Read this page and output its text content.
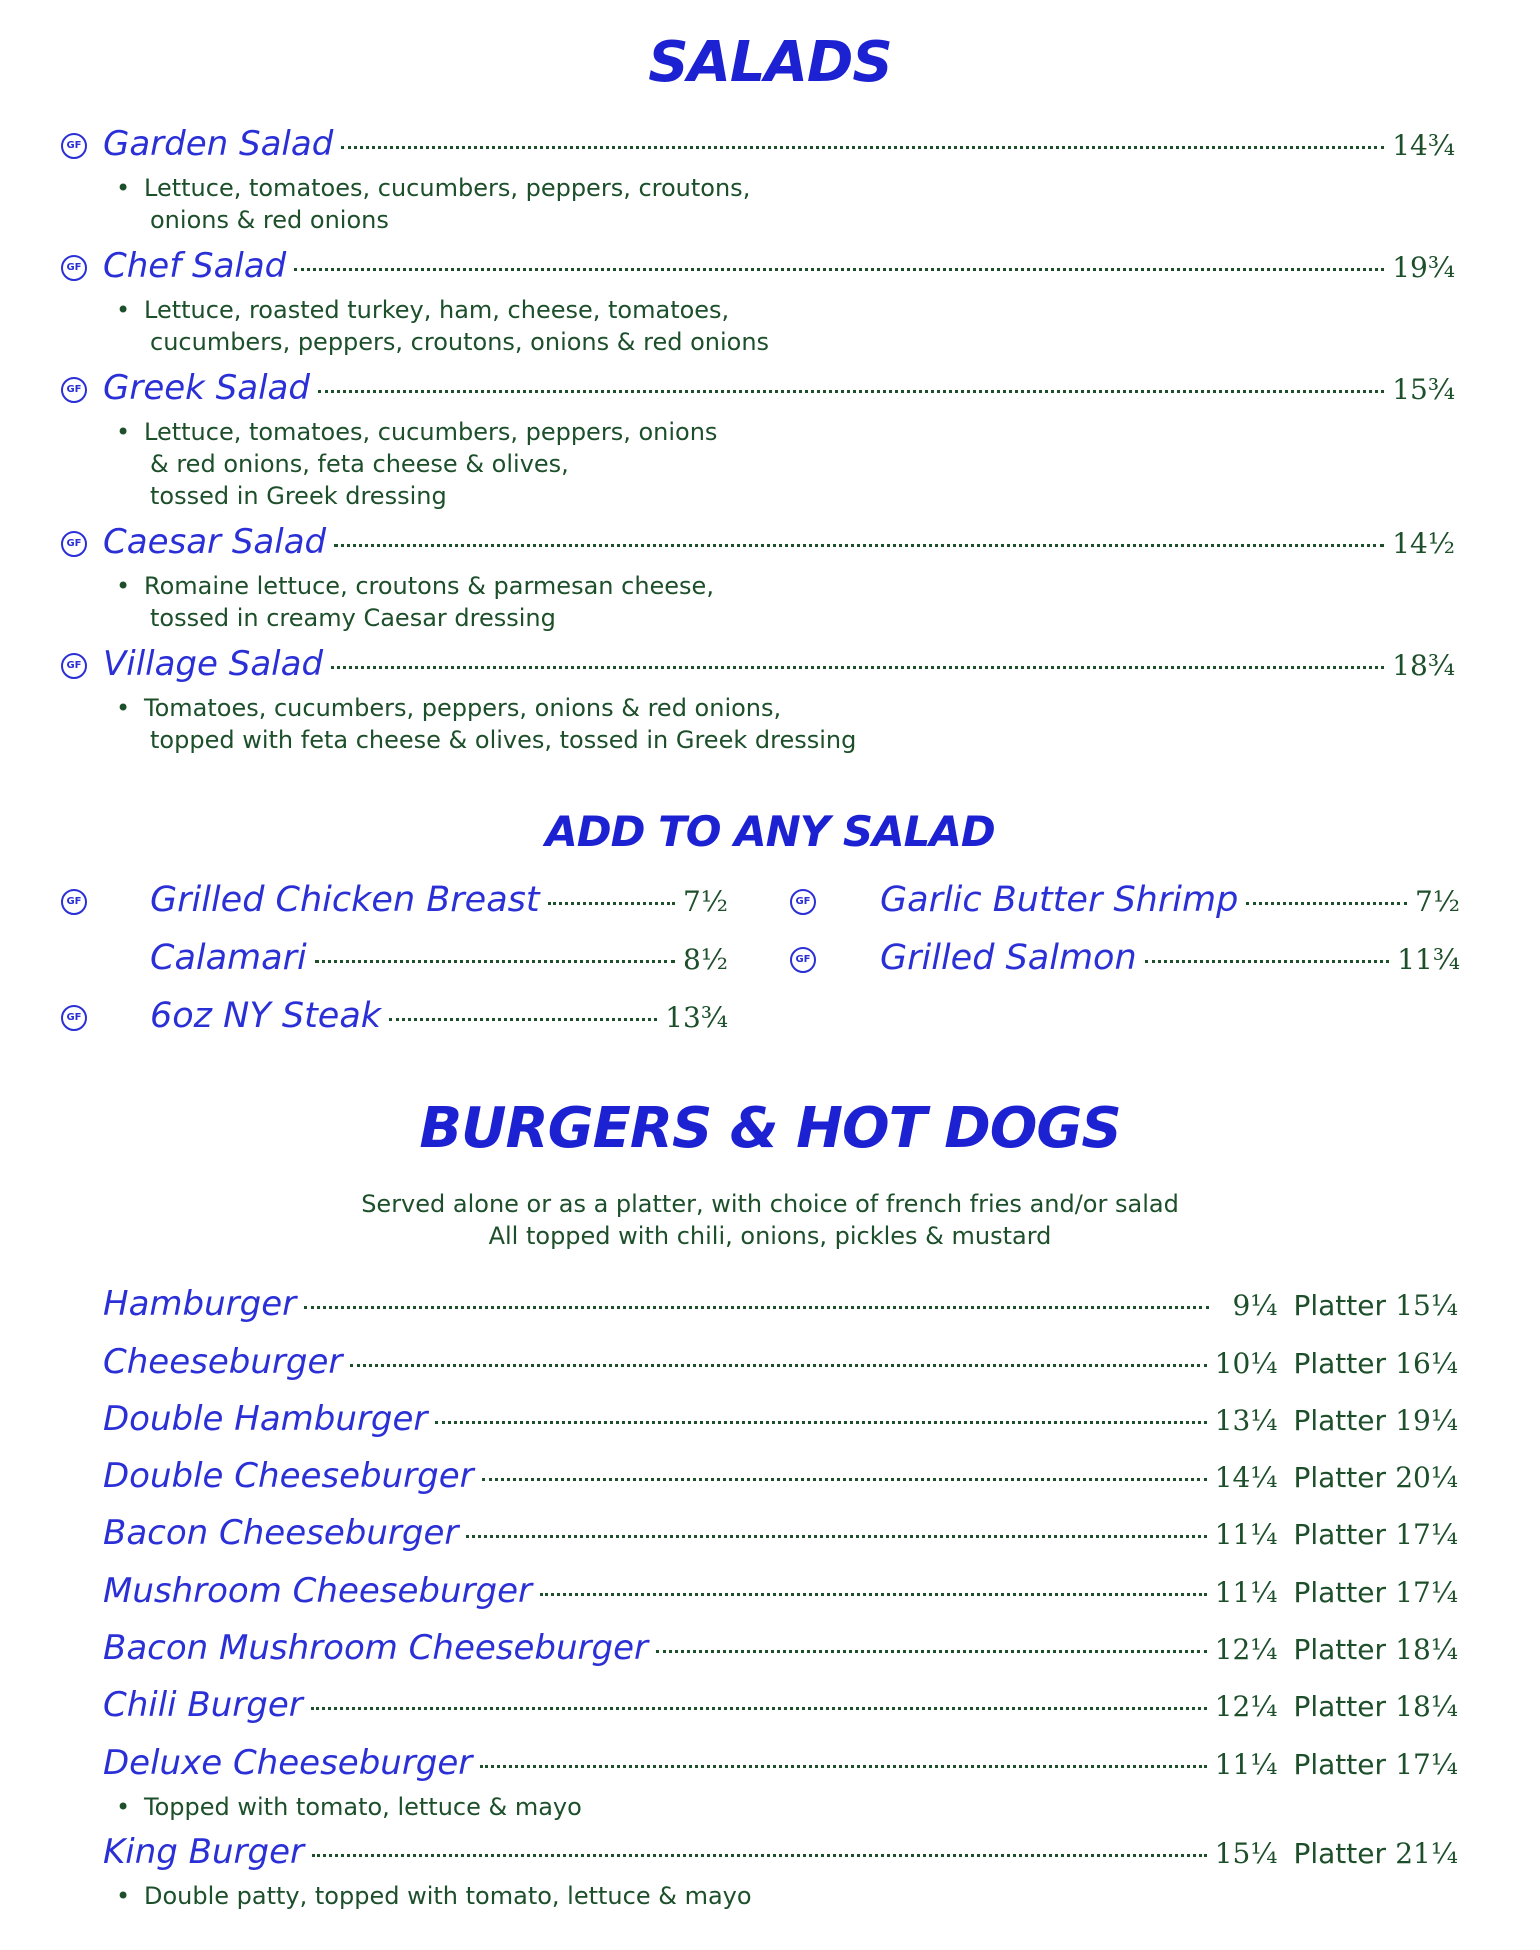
SALADS
GF Garden Salad	14¾
• Lettuce, tomatoes, cucumbers, peppers, croutons,
onions & red onions
GF Chef Salad	19¾
• Lettuce, roasted turkey, ham, cheese, tomatoes,
cucumbers, peppers, croutons, onions & red onions
GF Greek Salad	15¾
• Lettuce, tomatoes, cucumbers, peppers, onions
& red onions, feta cheese & olives,
tossed in Greek dressing
GF Caesar Salad	14½
• Romaine lettuce, croutons & parmesan cheese,
tossed in creamy Caesar dressing
GF Village Salad	18¾
• Tomatoes, cucumbers, peppers, onions & red onions,
topped with feta cheese & olives, tossed in Greek dressing
ADD TO ANY SALAD
GF Grilled Chicken Breast	7½
Calamari	8½
GF 6oz NY Steak	13¾
GF Garlic Butter Shrimp	7½
GF Grilled Salmon	11¾
BURGERS & HOT DOGS
Served alone or as a platter, with choice of french fries and/or salad
All topped with chili, onions, pickles & mustard
Hamburger	9¼ Platter 15¼
Cheeseburger	10¼ Platter 16¼
Double Hamburger	13¼ Platter 19¼
Double Cheeseburger	14¼ Platter 20¼
Bacon Cheeseburger	11¼ Platter 17¼
Mushroom Cheeseburger	11¼ Platter 17¼
Bacon Mushroom Cheeseburger	12¼ Platter 18¼
Chili Burger	12¼ Platter 18¼
Deluxe Cheeseburger	11¼ Platter 17¼
• Topped with tomato, lettuce & mayo
King Burger	15¼ Platter 21¼
• Double patty, topped with tomato, lettuce & mayo
